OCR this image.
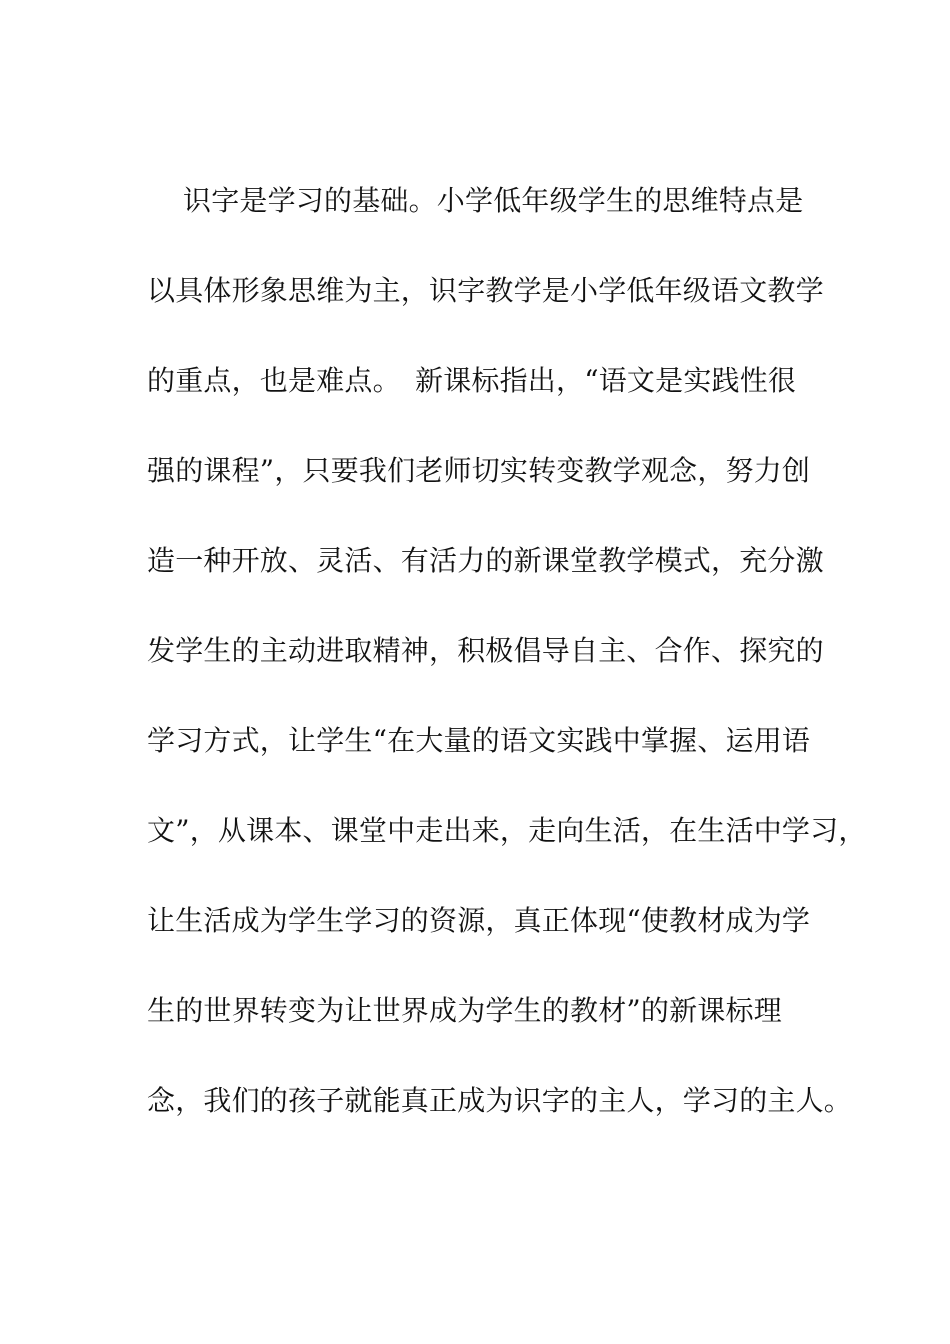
识字是学习的基础。小学低年级学生的思维特点是
以具体形象思维为主，识字教学是小学低年级语文教学
的重点，也是难点。　新课标指出，“语文是实践性很
强的课程”，只要我们老师切实转变教学观念，努力创
造一种开放、灵活、有活力的新课堂教学模式，充分激
发学生的主动进取精神，积极倡导自主、合作、探究的
学习方式，让学生“在大量的语文实践中掌握、运用语
文”，从课本、课堂中走出来，走向生活，在生活中学习，
让生活成为学生学习的资源，真正体现“使教材成为学
生的世界转变为让世界成为学生的教材”的新课标理
念，我们的孩子就能真正成为识字的主人，学习的主人。
